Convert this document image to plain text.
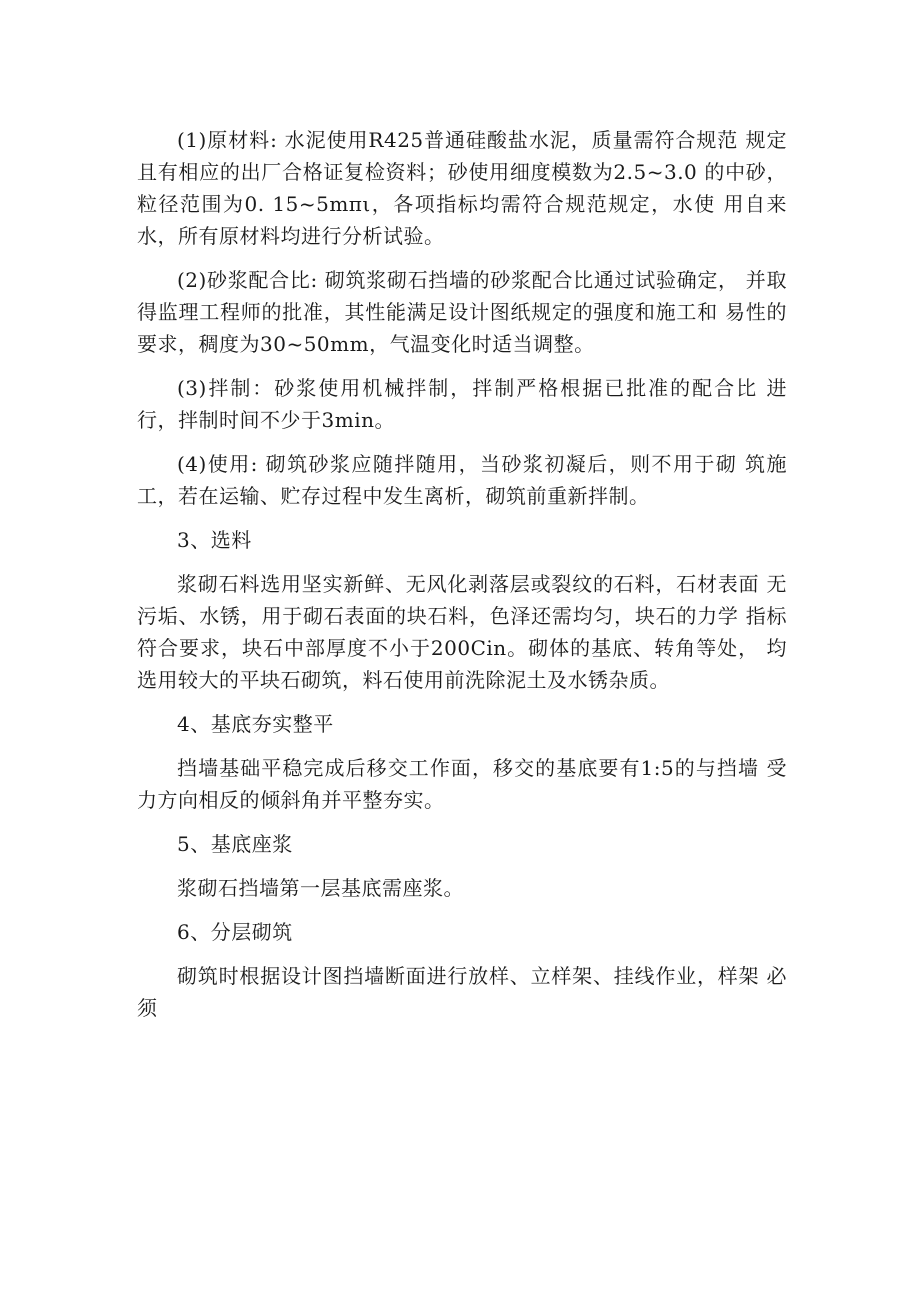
(1)原材料: 水泥使用R425普通硅酸盐水泥，质量需符合规范 规定且有相应的出厂合格证复检资料；砂使用细度模数为2.5~3.0 的中砂，粒径范围为0. 15~5mπι，各项指标均需符合规范规定，水使 用自来水，所有原材料均进行分析试验。

(2)砂浆配合比: 砌筑浆砌石挡墙的砂浆配合比通过试验确定， 并取得监理工程师的批准，其性能满足设计图纸规定的强度和施工和 易性的要求，稠度为30~50mm，气温变化时适当调整。

(3)拌制：砂浆使用机械拌制，拌制严格根据已批准的配合比 进行，拌制时间不少于3min。

(4)使用: 砌筑砂浆应随拌随用，当砂浆初凝后，则不用于砌 筑施工，若在运输、贮存过程中发生离析，砌筑前重新拌制。

3、选料

浆砌石料选用坚实新鲜、无风化剥落层或裂纹的石料，石材表面 无污垢、水锈，用于砌石表面的块石料，色泽还需均匀，块石的力学 指标符合要求，块石中部厚度不小于200Cin。砌体的基底、转角等处， 均选用较大的平块石砌筑，料石使用前洗除泥土及水锈杂质。

4、基底夯实整平

挡墙基础平稳完成后移交工作面，移交的基底要有1:5的与挡墙 受力方向相反的倾斜角并平整夯实。

5、基底座浆

浆砌石挡墙第一层基底需座浆。

6、分层砌筑

砌筑时根据设计图挡墙断面进行放样、立样架、挂线作业，样架 必须
